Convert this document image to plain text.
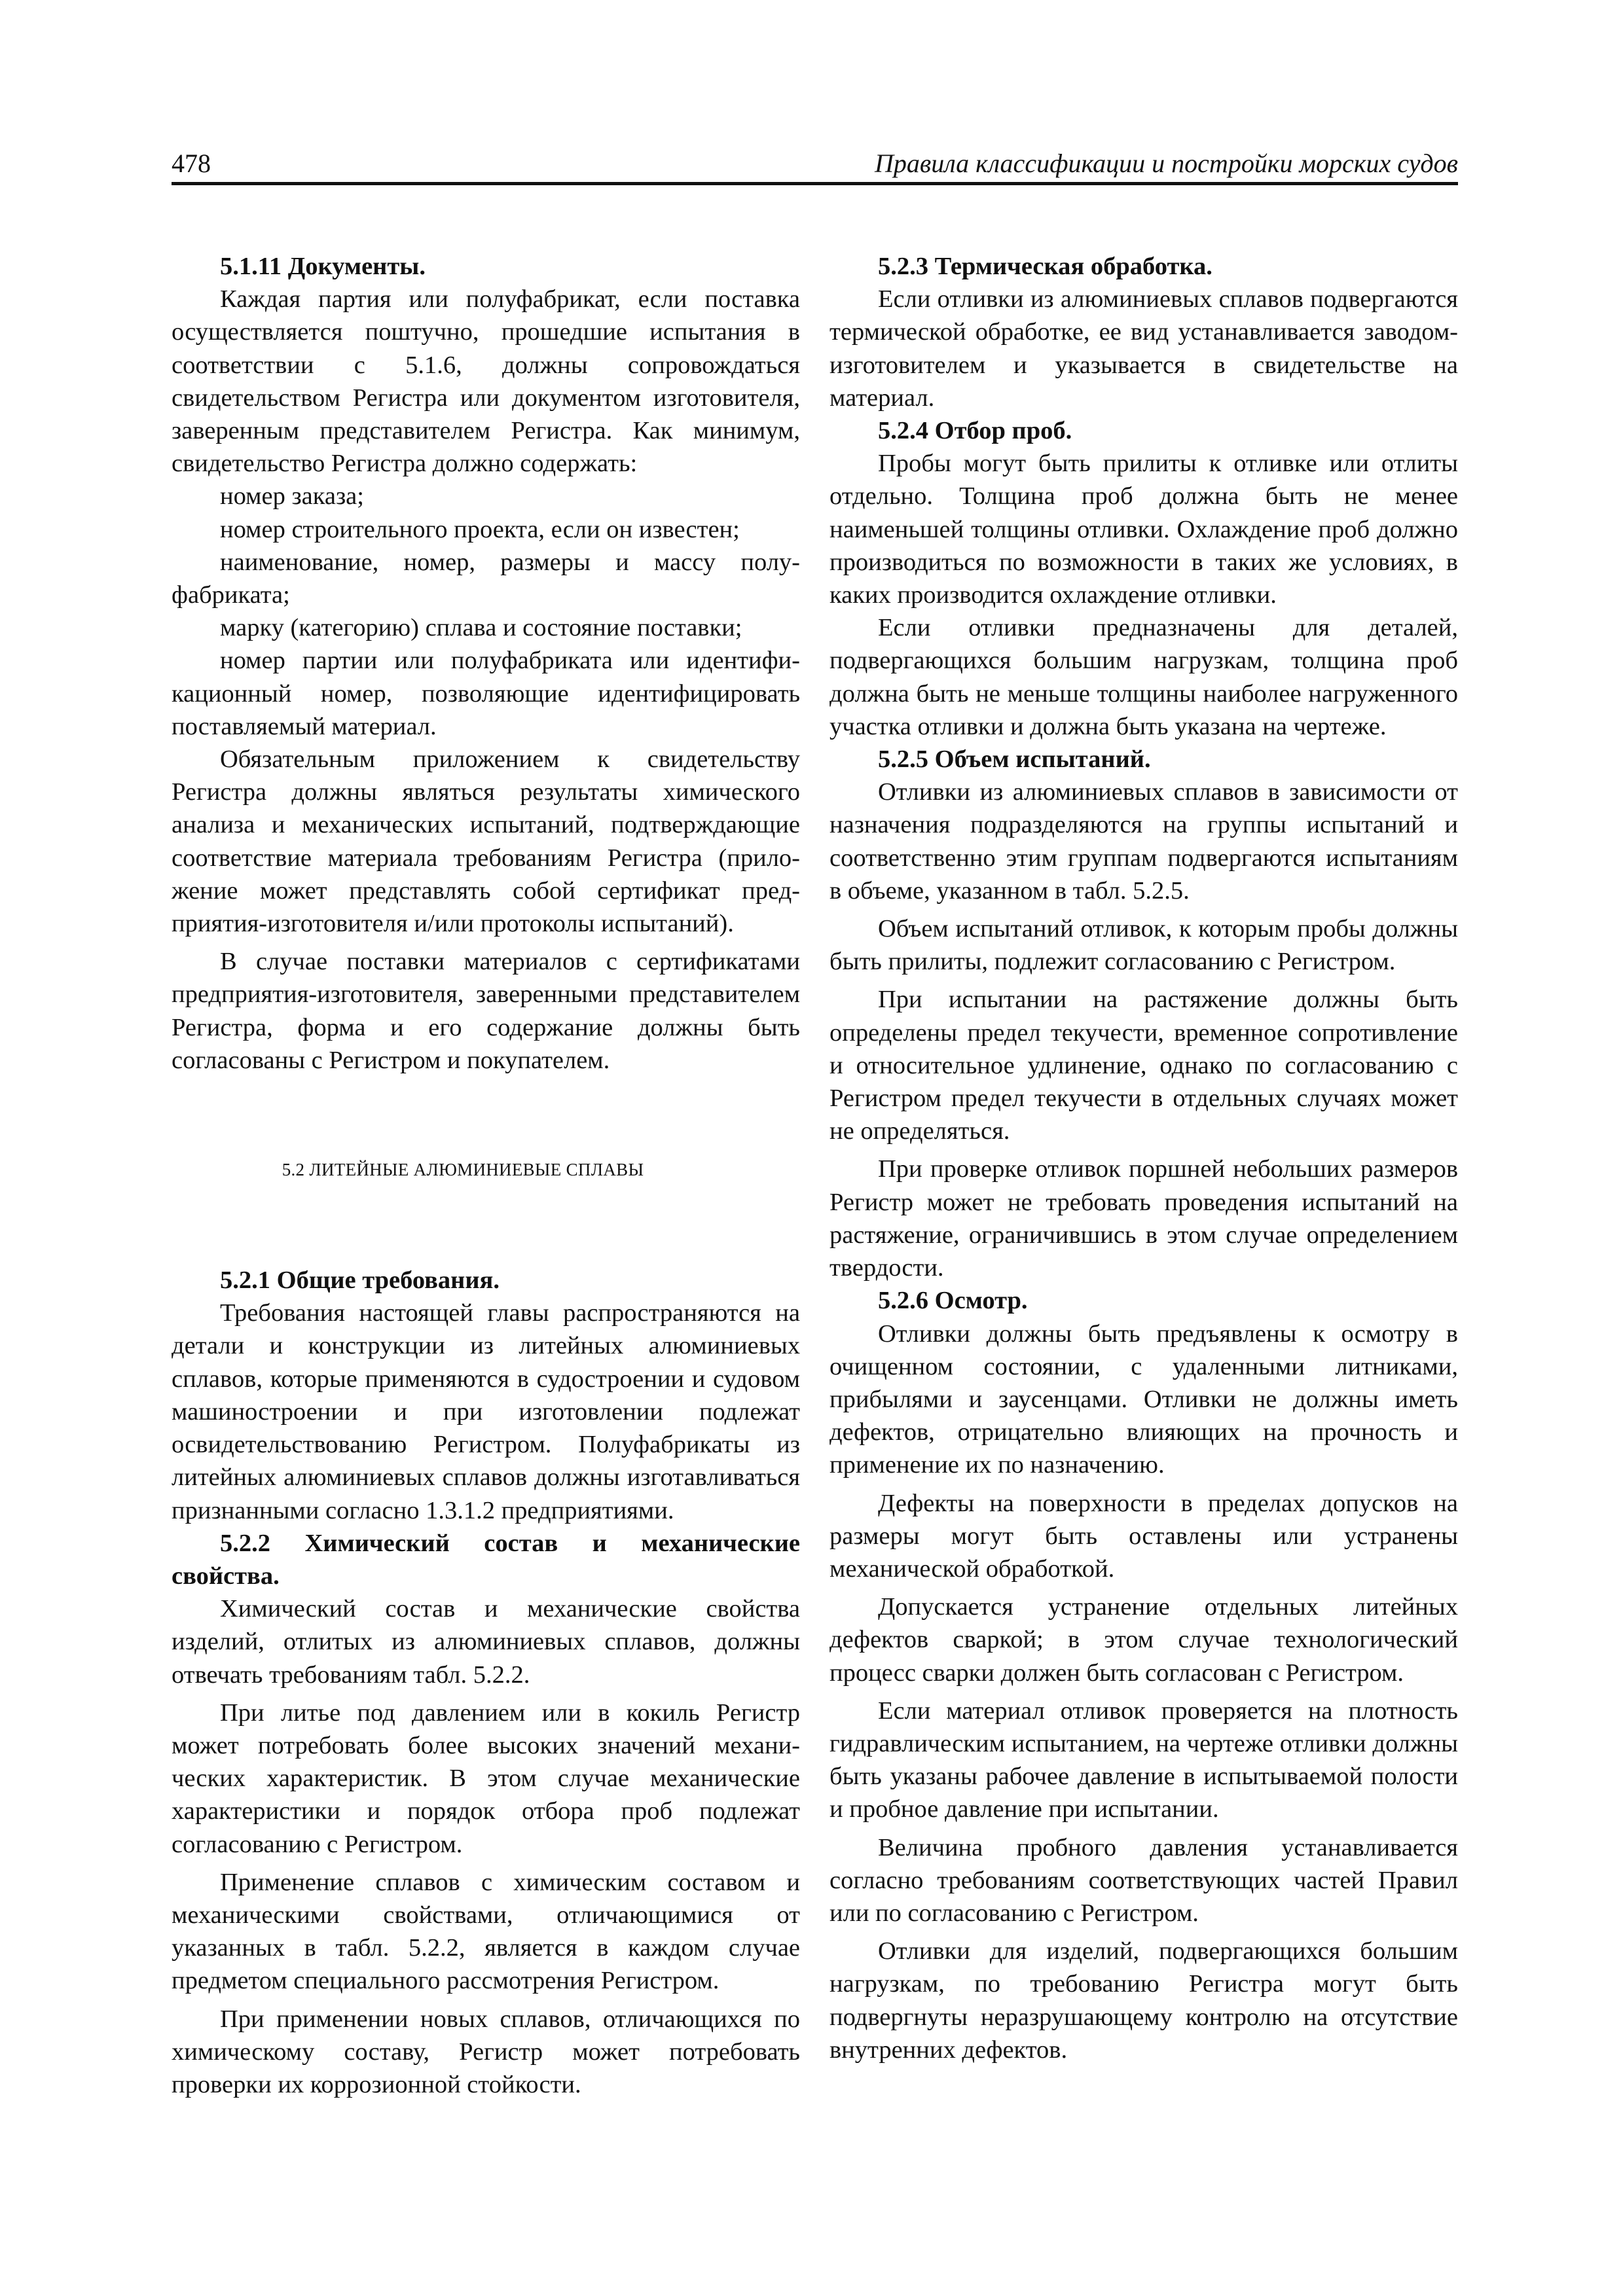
478	Правила классификации и постройки морских судов

5.1.11 Документы.

Каждая партия или полуфабрикат, если поставка осуществляется поштучно, прошедшие испытания в соответствии с 5.1.6, должны сопровождаться свидетельством Регистра или документом изготовителя, заверенным представителем Регистра. Как минимум, свидетельство Регистра должно содержать:

номер заказа;

номер строительного проекта, если он известен;

наименование, номер, размеры и массу полуфабриката;

марку (категорию) сплава и состояние поставки;

номер партии или полуфабриката или идентификационный номер, позволяющие идентифицировать поставляемый материал.

Обязательным приложением к свидетельству Регистра должны являться результаты химического анализа и механических испытаний, подтверждающие соответствие материала требованиям Регистра (приложение может представлять собой сертификат предприятия-изготовителя и/или протоколы испытаний).

В случае поставки материалов с сертификатами предприятия-изготовителя, заверенными представителем Регистра, форма и его содержание должны быть согласованы с Регистром и покупателем.

5.2 ЛИТЕЙНЫЕ АЛЮМИНИЕВЫЕ СПЛАВЫ

5.2.1 Общие требования.

Требования настоящей главы распространяются на детали и конструкции из литейных алюминиевых сплавов, которые применяются в судостроении и судовом машиностроении и при изготовлении подлежат освидетельствованию Регистром. Полуфабрикаты из литейных алюминиевых сплавов должны изготавливаться признанными согласно 1.3.1.2 предприятиями.

5.2.2 Химический состав и механические свойства.

Химический состав и механические свойства изделий, отлитых из алюминиевых сплавов, должны отвечать требованиям табл. 5.2.2.

При литье под давлением или в кокиль Регистр может потребовать более высоких значений механических характеристик. В этом случае механические характеристики и порядок отбора проб подлежат согласованию с Регистром.

Применение сплавов с химическим составом и механическими свойствами, отличающимися от указанных в табл. 5.2.2, является в каждом случае предметом специального рассмотрения Регистром.

При применении новых сплавов, отличающихся по химическому составу, Регистр может потребовать проверки их коррозионной стойкости.

5.2.3 Термическая обработка.

Если отливки из алюминиевых сплавов подвергаются термической обработке, ее вид устанавливается заводом-изготовителем и указывается в свидетельстве на материал.

5.2.4 Отбор проб.

Пробы могут быть прилиты к отливке или отлиты отдельно. Толщина проб должна быть не менее наименьшей толщины отливки. Охлаждение проб должно производиться по возможности в таких же условиях, в каких производится охлаждение отливки.

Если отливки предназначены для деталей, подвергающихся большим нагрузкам, толщина проб должна быть не меньше толщины наиболее нагруженного участка отливки и должна быть указана на чертеже.

5.2.5 Объем испытаний.

Отливки из алюминиевых сплавов в зависимости от назначения подразделяются на группы испытаний и соответственно этим группам подвергаются испытаниям в объеме, указанном в табл. 5.2.5.

Объем испытаний отливок, к которым пробы должны быть прилиты, подлежит согласованию с Регистром.

При испытании на растяжение должны быть определены предел текучести, временное сопротивление и относительное удлинение, однако по согласованию с Регистром предел текучести в отдельных случаях может не определяться.

При проверке отливок поршней небольших размеров Регистр может не требовать проведения испытаний на растяжение, ограничившись в этом случае определением твердости.

5.2.6 Осмотр.

Отливки должны быть предъявлены к осмотру в очищенном состоянии, с удаленными литниками, прибылями и заусенцами. Отливки не должны иметь дефектов, отрицательно влияющих на прочность и применение их по назначению.

Дефекты на поверхности в пределах допусков на размеры могут быть оставлены или устранены механической обработкой.

Допускается устранение отдельных литейных дефектов сваркой; в этом случае технологический процесс сварки должен быть согласован с Регистром.

Если материал отливок проверяется на плотность гидравлическим испытанием, на чертеже отливки должны быть указаны рабочее давление в испытываемой полости и пробное давление при испытании.

Величина пробного давления устанавливается согласно требованиям соответствующих частей Правил или по согласованию с Регистром.

Отливки для изделий, подвергающихся большим нагрузкам, по требованию Регистра могут быть подвергнуты неразрушающему контролю на отсутствие внутренних дефектов.
